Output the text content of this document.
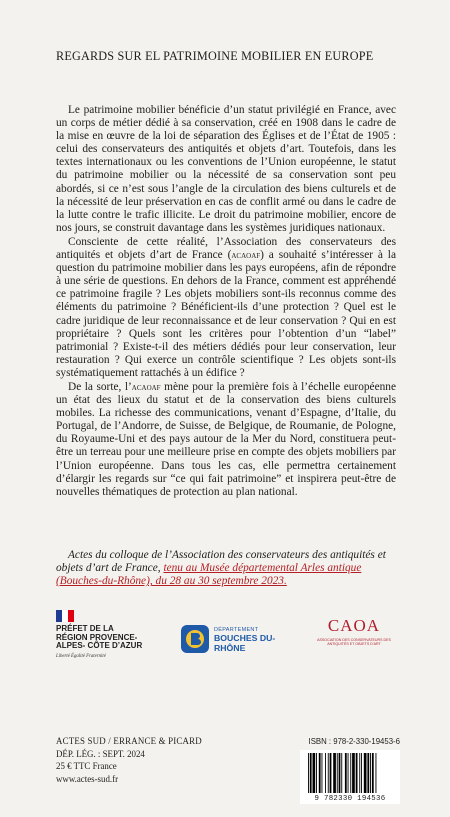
REGARDS SUR EL PATRIMOINE MOBILIER EN EUROPE

Le patrimoine mobilier bénéficie d’un statut privilégié en France, avec un corps de métier dédié à sa conservation, créé en 1908 dans le cadre de la mise en œuvre de la loi de séparation des Églises et de l’État de 1905 : celui des conservateurs des antiquités et objets d’art. Toutefois, dans les textes internationaux ou les conventions de l’Union européenne, le statut du patrimoine mobilier ou la nécessité de sa conservation sont peu abordés, si ce n’est sous l’angle de la circulation des biens culturels et de la nécessité de leur préservation en cas de conflit armé ou dans le cadre de la lutte contre le trafic illicite. Le droit du patrimoine mobilier, encore de nos jours, se construit davantage dans les systèmes juridiques nationaux.

Consciente de cette réalité, l’Association des conservateurs des antiquités et objets d’art de France (acaoaf) a souhaité s’intéresser à la question du patrimoine mobilier dans les pays européens, afin de répondre à une série de questions. En dehors de la France, comment est appréhendé ce patrimoine fragile ? Les objets mobiliers sont-ils reconnus comme des éléments du patrimoine ? Bénéficient-ils d’une protection ? Quel est le cadre juridique de leur reconnaissance et de leur conservation ? Qui en est propriétaire ? Quels sont les critères pour l’obtention d’un “label” patrimonial ? Existe-t-il des métiers dédiés pour leur conservation, leur restauration ? Qui exerce un contrôle scientifique ? Les objets sont-ils systématiquement rattachés à un édifice ?

De la sorte, l’acaoaf mène pour la première fois à l’échelle européenne un état des lieux du statut et de la conservation des biens culturels mobiles. La richesse des communications, venant d’Espagne, d’Italie, du Portugal, de l’Andorre, de Suisse, de Belgique, de Roumanie, de Pologne, du Royaume-Uni et des pays autour de la Mer du Nord, constituera peut-être un terreau pour une meilleure prise en compte des objets mobiliers par l’Union européenne. Dans tous les cas, elle permettra certainement d’élargir les regards sur “ce qui fait patrimoine” et inspirera peut-être de nouvelles thématiques de protection au plan national.

Actes du colloque de l’Association des conservateurs des antiquités et objets d’art de France, tenu au Musée départemental Arles antique (Bouches-du-Rhône), du 28 au 30 septembre 2023.
PRÉFET DE LA RÉGION PROVENCE- ALPES- CÔTE D’AZUR
Liberté Égalité Fraternité
DÉPARTEMENT
BOUCHES DU-RHÔNE
CAOA
ASSOCIATION DES CONSERVATEURS DES ANTIQUITÉS ET OBJETS D’ART
ACTES SUD / ERRANCE & PICARD
DÉP. LÉG. : SEPT. 2024
25 € TTC France
www.actes-sud.fr
ISBN : 978-2-330-19453-6
9 782330 194536
